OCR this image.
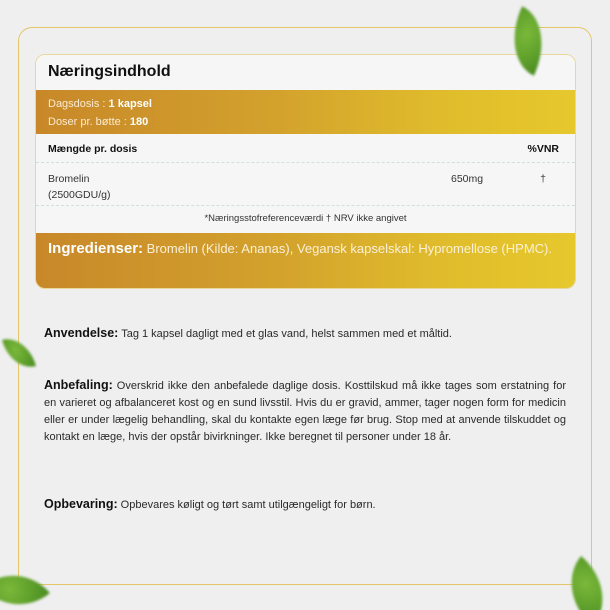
Næringsindhold
Dagsdosis : 1 kapsel
Doser pr. bøtte : 180
Mængde pr. dosis	%VNR
Bromelin
(2500GDU/g)
650mg	†
*Næringsstofreferenceværdi † NRV ikke angivet
Ingredienser: Bromelin (Kilde: Ananas), Vegansk kapselskal: Hypromellose (HPMC).
Anvendelse: Tag 1 kapsel dagligt med et glas vand, helst sammen med et måltid.
Anbefaling: Overskrid ikke den anbefalede daglige dosis. Kosttilskud må ikke tages som erstatning for en varieret og afbalanceret kost og en sund livsstil. Hvis du er gravid, ammer, tager nogen form for medicin eller er under lægelig behandling, skal du kontakte egen læge før brug. Stop med at anvende tilskuddet og kontakt en læge, hvis der opstår bivirkninger. Ikke beregnet til personer under 18 år.
Opbevaring: Opbevares køligt og tørt samt utilgængeligt for børn.
